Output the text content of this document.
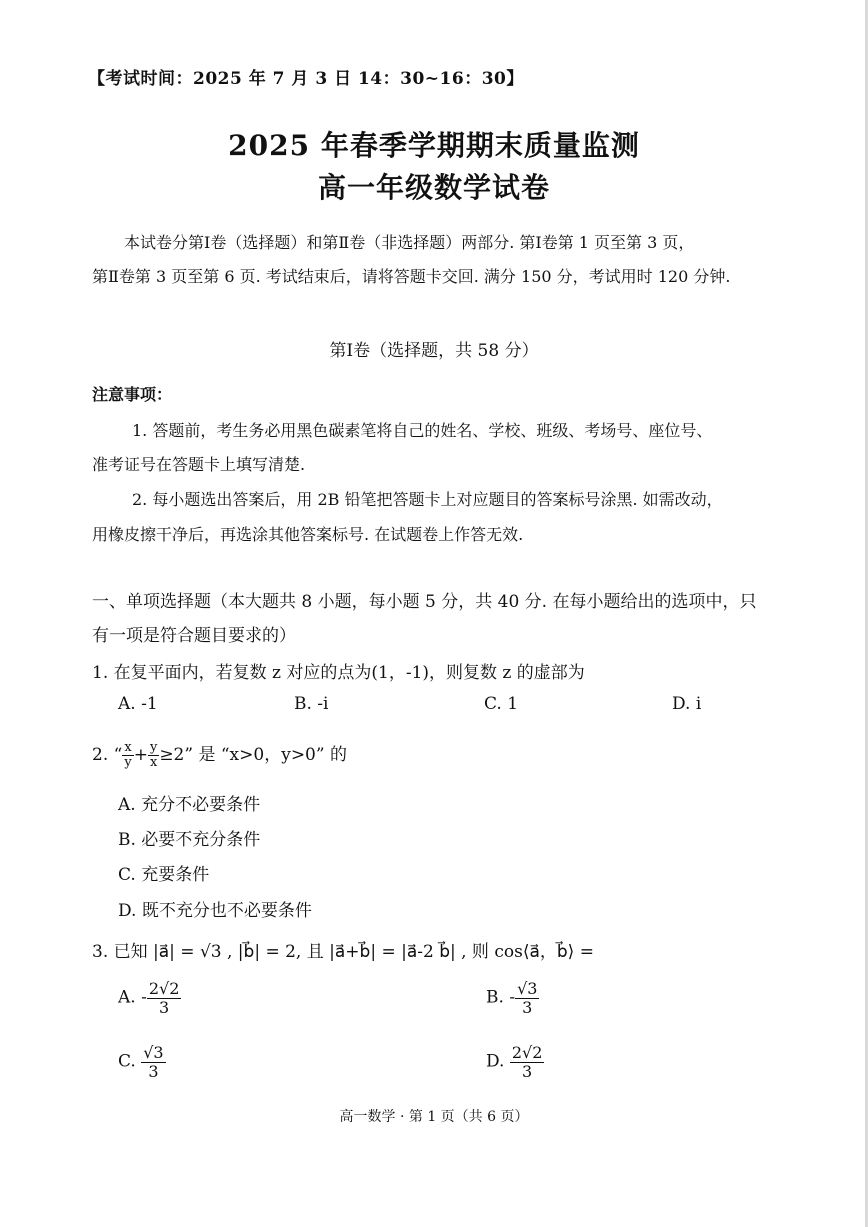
【考试时间：2025 年 7 月 3 日 14：30~16：30】
2025 年春季学期期末质量监测
高一年级数学试卷
本试卷分第Ⅰ卷（选择题）和第Ⅱ卷（非选择题）两部分. 第Ⅰ卷第 1 页至第 3 页，
第Ⅱ卷第 3 页至第 6 页. 考试结束后，请将答题卡交回. 满分 150 分，考试用时 120 分钟.
第Ⅰ卷（选择题，共 58 分）
注意事项：
1. 答题前，考生务必用黑色碳素笔将自己的姓名、学校、班级、考场号、座位号、
准考证号在答题卡上填写清楚.
2. 每小题选出答案后，用 2B 铅笔把答题卡上对应题目的答案标号涂黑. 如需改动，
用橡皮擦干净后，再选涂其他答案标号. 在试题卷上作答无效.
一、单项选择题（本大题共 8 小题，每小题 5 分，共 40 分. 在每小题给出的选项中，只
有一项是符合题目要求的）
1. 在复平面内，若复数 z 对应的点为(1，-1)，则复数 z 的虚部为
A. -1	B. -i	C. 1	D. i
2. “ $\frac{x}{y} + \frac{y}{x} \ge 2$” 是 “x>0，y>0” 的
A. 充分不必要条件
B. 必要不充分条件
C. 充要条件
D. 既不充分也不必要条件
3. 已知 |a⃗| = √3 , |b⃗| = 2, 且 |a⃗+b⃗| = |a⃗-2 b⃗| , 则 cos⟨a⃗，b⃗⟩ =
A. - $\frac{2√2}{3}$	B. - $\frac{√3}{3}$
C. $\frac{√3}{3}$	D. $\frac{2√2}{3}$
高一数学 · 第 1 页（共 6 页）
